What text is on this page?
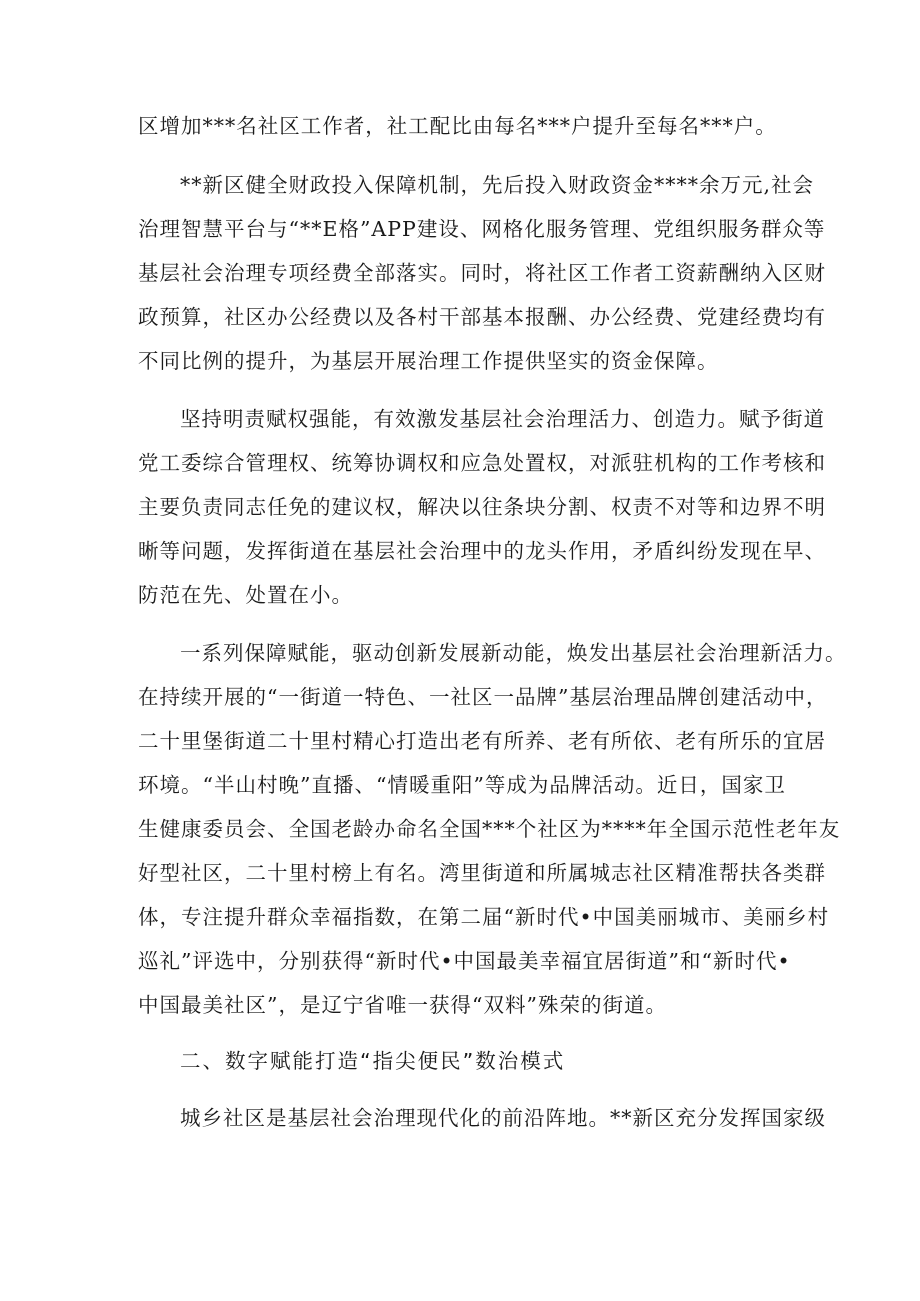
区增加***名社区工作者，社工配比由每名***户提升至每名***户。
**新区健全财政投入保障机制，先后投入财政资金****余万元,社会
治理智慧平台与“**E格”APP建设、网格化服务管理、党组织服务群众等
基层社会治理专项经费全部落实。同时，将社区工作者工资薪酬纳入区财
政预算，社区办公经费以及各村干部基本报酬、办公经费、党建经费均有
不同比例的提升，为基层开展治理工作提供坚实的资金保障。
坚持明责赋权强能，有效激发基层社会治理活力、创造力。赋予街道
党工委综合管理权、统筹协调权和应急处置权，对派驻机构的工作考核和
主要负责同志任免的建议权，解决以往条块分割、权责不对等和边界不明
晰等问题，发挥街道在基层社会治理中的龙头作用，矛盾纠纷发现在早、
防范在先、处置在小。
一系列保障赋能，驱动创新发展新动能，焕发出基层社会治理新活力。
在持续开展的“一街道一特色、一社区一品牌”基层治理品牌创建活动中，
二十里堡街道二十里村精心打造出老有所养、老有所依、老有所乐的宜居
环境。“半山村晚”直播、“情暖重阳”等成为品牌活动。近日，国家卫
生健康委员会、全国老龄办命名全国***个社区为****年全国示范性老年友
好型社区，二十里村榜上有名。湾里街道和所属城志社区精准帮扶各类群
体，专注提升群众幸福指数，在第二届“新时代•中国美丽城市、美丽乡村
巡礼”评选中，分别获得“新时代•中国最美幸福宜居街道”和“新时代•
中国最美社区”，是辽宁省唯一获得“双料”殊荣的街道。
二、数字赋能打造“指尖便民”数治模式
城乡社区是基层社会治理现代化的前沿阵地。**新区充分发挥国家级
